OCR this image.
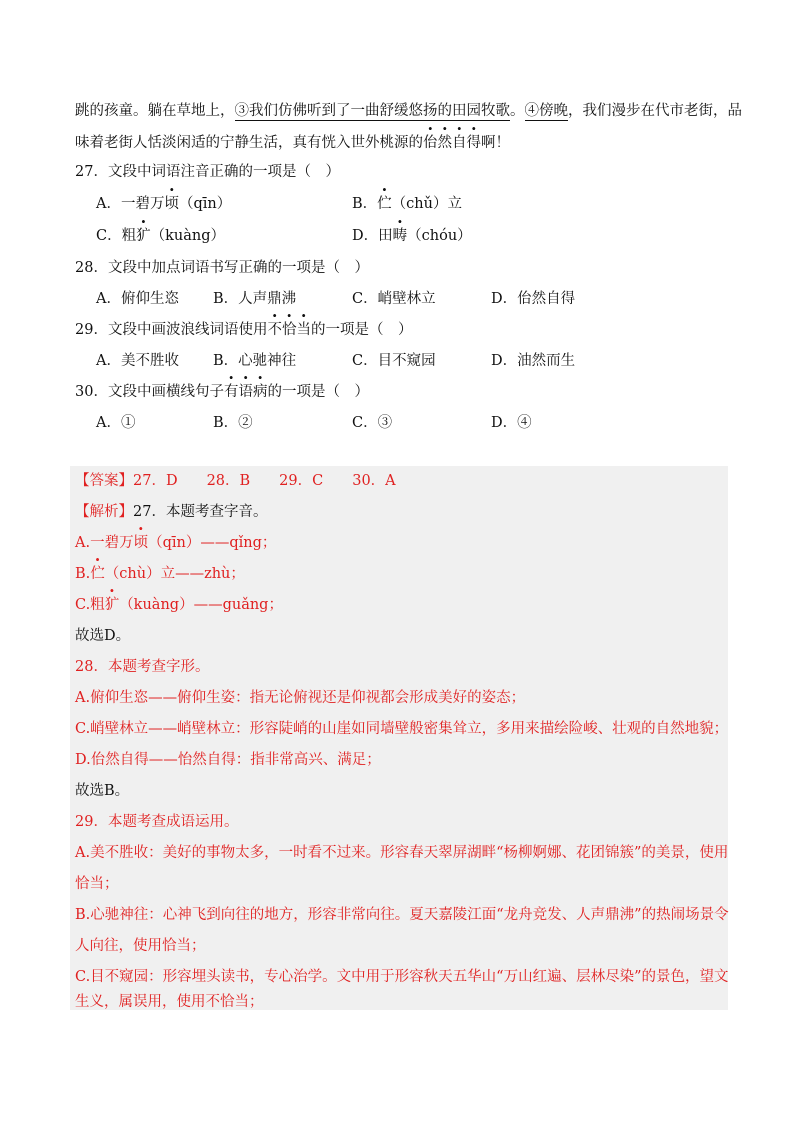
跳的孩童。躺在草地上，③我们仿佛听到了一曲舒缓悠扬的田园牧歌。④傍晚，我们漫步在代市老街，品
味着老街人恬淡闲适的宁静生活，真有恍入世外桃源的佁然自得啊！
27．文段中词语注音正确的一项是（　）
A．一碧万顷（qīn）	B．伫（chǔ）立
C．粗犷（kuàng）	D．田畴（chóu）
28．文段中加点词语书写正确的一项是（　）
A．俯仰生恣 B．人声鼎沸	C．峭壁林立	D．佁然自得
29．文段中画波浪线词语使用不恰当的一项是（　）
A．美不胜收 B．心驰神往	C．目不窥园	D．油然而生
30．文段中画横线句子有语病的一项是（　）
A．①	B．②	C．③	D．④
【答案】27．D　　28．B　　29．C　　30．A
【解析】27．本题考查字音。
A.一碧万顷（qīn）——qǐng；
B.伫（chù）立——zhù；
C.粗犷（kuàng）——guǎng；
故选D。
28．本题考查字形。
A.俯仰生恣——俯仰生姿：指无论俯视还是仰视都会形成美好的姿态；
C.峭壁林立——峭壁林立：形容陡峭的山崖如同墙壁般密集耸立，多用来描绘险峻、壮观的自然地貌；
D.佁然自得——怡然自得：指非常高兴、满足；
故选B。
29．本题考查成语运用。
A.美不胜收：美好的事物太多，一时看不过来。形容春天翠屏湖畔“杨柳婀娜、花团锦簇”的美景，使用
恰当；
B.心驰神往：心神飞到向往的地方，形容非常向往。夏天嘉陵江面“龙舟竞发、人声鼎沸”的热闹场景令
人向往，使用恰当；
C.目不窥园：形容埋头读书，专心治学。文中用于形容秋天五华山“万山红遍、层林尽染”的景色，望文
生义，属误用，使用不恰当；
